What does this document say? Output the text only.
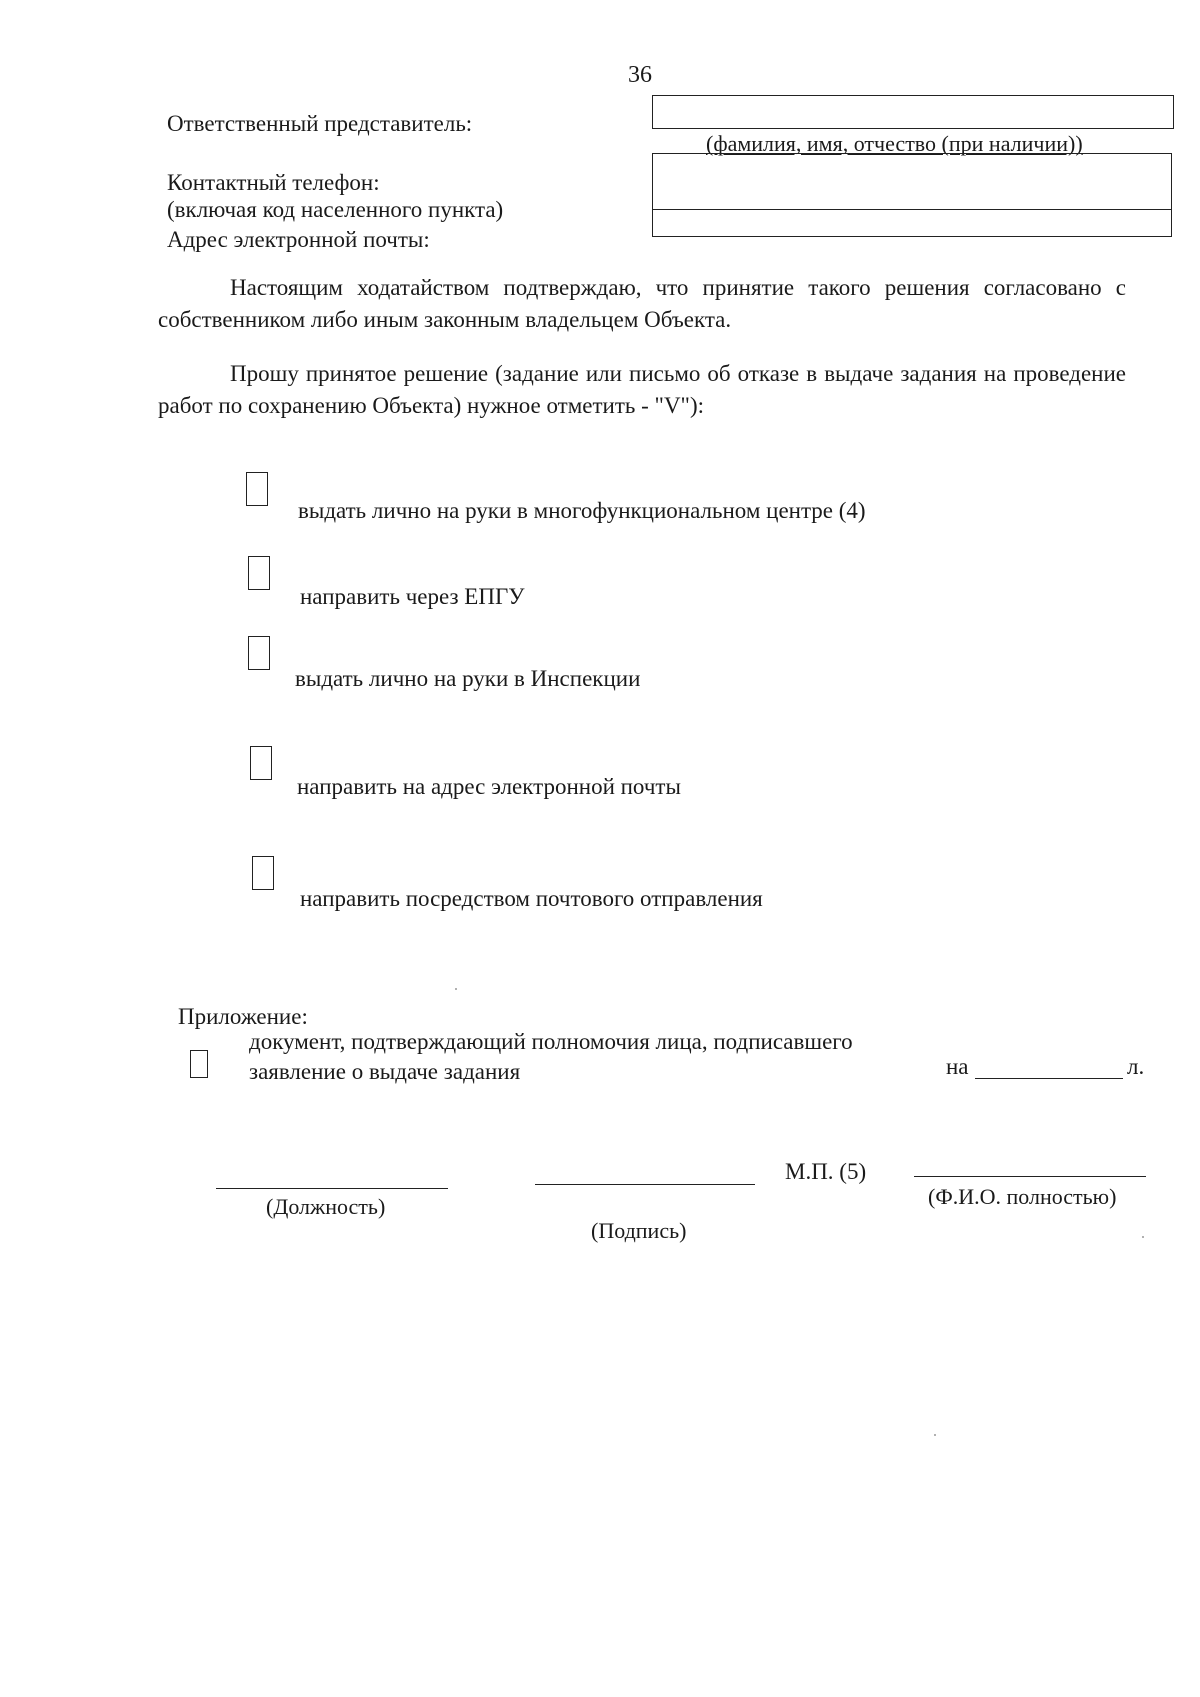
36
Ответственный представитель:
(фамилия, имя, отчество (при наличии))
Контактный телефон:
(включая код населенного пункта)
Адрес электронной почты:

Настоящим ходатайством подтверждаю, что принятие такого решения согласовано с собственником либо иным законным владельцем Объекта.

Прошу принятое решение (задание или письмо об отказе в выдаче задания на проведение работ по сохранению Объекта) нужное отметить - "V"):

выдать лично на руки в многофункциональном центре (4)
направить через ЕПГУ
выдать лично на руки в Инспекции
направить на адрес электронной почты
направить посредством почтового отправления
Приложение:
документ, подтверждающий полномочия лица, подписавшего
заявление о выдаче задания	на	л.
(Должность)
(Подпись)
М.П. (5)
(Ф.И.О. полностью)
